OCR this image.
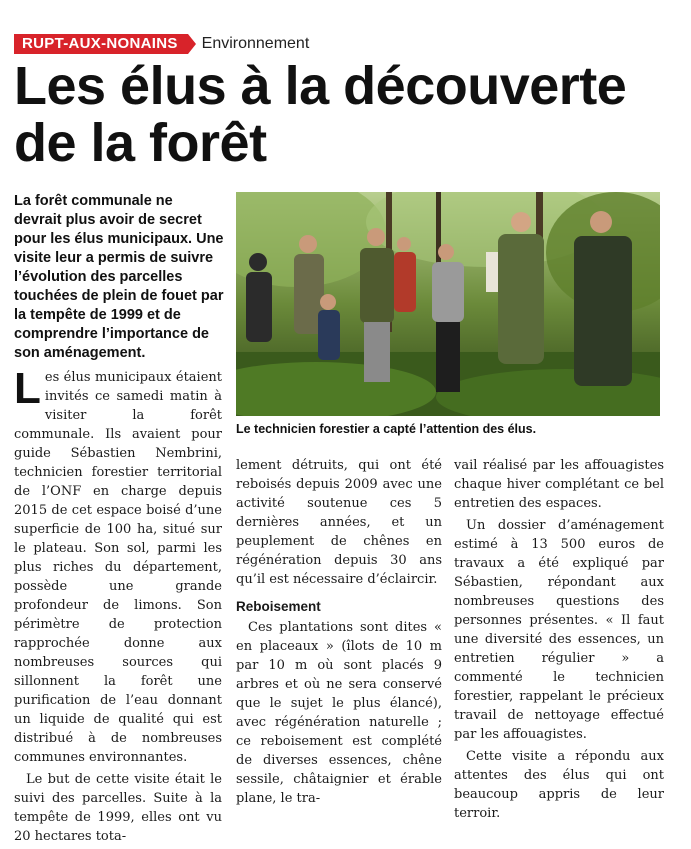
RUPT-AUX-NONAINS	Environnement
Les élus à la découverte de la forêt
La forêt communale ne devrait plus avoir de secret pour les élus municipaux. Une visite leur a permis de suivre l’évolution des parcelles touchées de plein de fouet par la tempête de 1999 et de comprendre l’importance de son aménagement.
Le technicien forestier a capté l’attention des élus.

Les élus municipaux étaient invités ce samedi matin à visiter la forêt communale. Ils avaient pour guide Sébastien Nembrini, technicien forestier territorial de l’ONF en charge depuis 2015 de cet espace boisé d’une superficie de 100 ha, situé sur le plateau. Son sol, parmi les plus riches du département, possède une grande profondeur de limons. Son périmètre de protection rapprochée donne aux nombreuses sources qui sillonnent la forêt une purification de l’eau donnant un liquide de qualité qui est distribué à de nombreuses communes environnantes.

Le but de cette visite était le suivi des parcelles. Suite à la tempête de 1999, elles ont vu 20 hectares tota-

lement détruits, qui ont été reboisés depuis 2009 avec une activité soutenue ces 5 dernières années, et un peuplement de chênes en régénération depuis 30 ans qu’il est nécessaire d’éclaircir.

Reboisement

Ces plantations sont dites « en placeaux » (îlots de 10 m par 10 m où sont placés 9 arbres et où ne sera conservé que le sujet le plus élancé), avec régénération naturelle ; ce reboisement est complété de diverses essences, chêne sessile, châtaignier et érable plane, le tra-

vail réalisé par les affouagistes chaque hiver complétant ce bel entretien des espaces.

Un dossier d’aménagement estimé à 13 500 euros de travaux a été expliqué par Sébastien, répondant aux nombreuses questions des personnes présentes. « Il faut une diversité des essences, un entretien régulier » a commenté le technicien forestier, rappelant le précieux travail de nettoyage effectué par les affouagistes.

Cette visite a répondu aux attentes des élus qui ont beaucoup appris de leur terroir.
